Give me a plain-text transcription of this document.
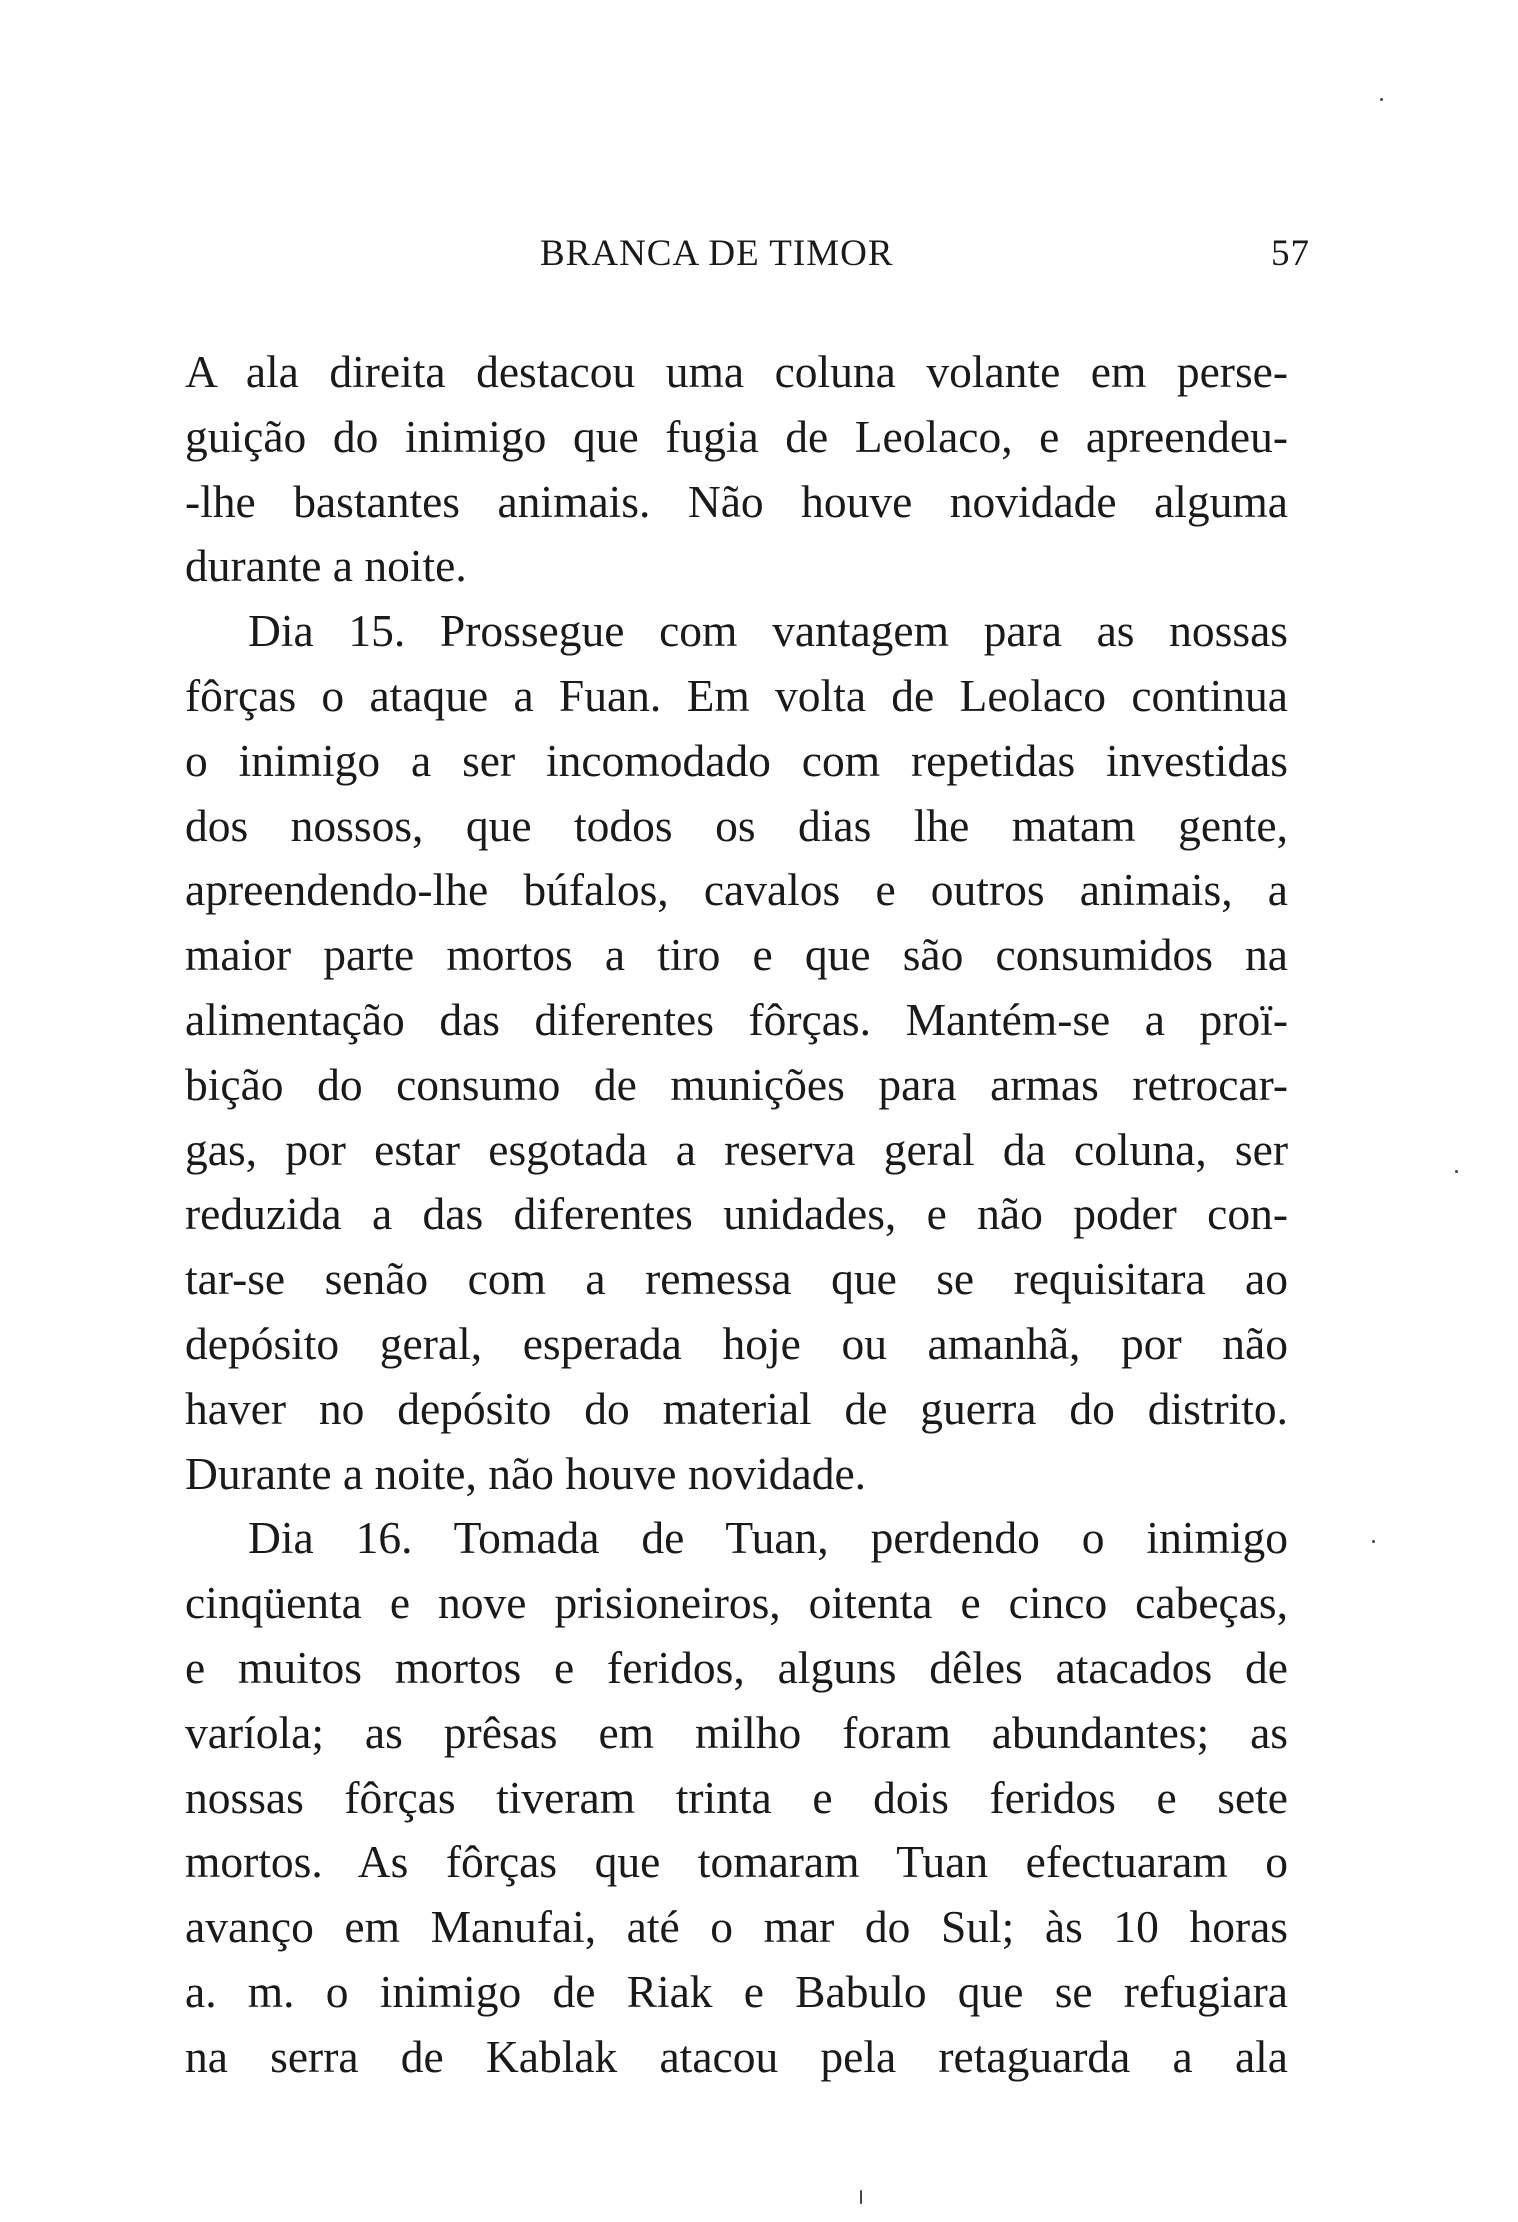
BRANCA DE TIMOR	57
A ala direita destacou uma coluna volante em perse-
guição do inimigo que fugia de Leolaco, e apreendeu-
-lhe bastantes animais. Não houve novidade alguma
durante a noite.
Dia 15. Prossegue com vantagem para as nossas
fôrças o ataque a Fuan. Em volta de Leolaco continua
o inimigo a ser incomodado com repetidas investidas
dos nossos, que todos os dias lhe matam gente,
apreendendo-lhe búfalos, cavalos e outros animais, a
maior parte mortos a tiro e que são consumidos na
alimentação das diferentes fôrças. Mantém-se a proï-
bição do consumo de munições para armas retrocar-
gas, por estar esgotada a reserva geral da coluna, ser
reduzida a das diferentes unidades, e não poder con-
tar-se senão com a remessa que se requisitara ao
depósito geral, esperada hoje ou amanhã, por não
haver no depósito do material de guerra do distrito.
Durante a noite, não houve novidade.
Dia 16. Tomada de Tuan, perdendo o inimigo
cinqüenta e nove prisioneiros, oitenta e cinco cabeças,
e muitos mortos e feridos, alguns dêles atacados de
varíola; as prêsas em milho foram abundantes; as
nossas fôrças tiveram trinta e dois feridos e sete
mortos. As fôrças que tomaram Tuan efectuaram o
avanço em Manufai, até o mar do Sul; às 10 horas
a. m. o inimigo de Riak e Babulo que se refugiara
na serra de Kablak atacou pela retaguarda a ala
